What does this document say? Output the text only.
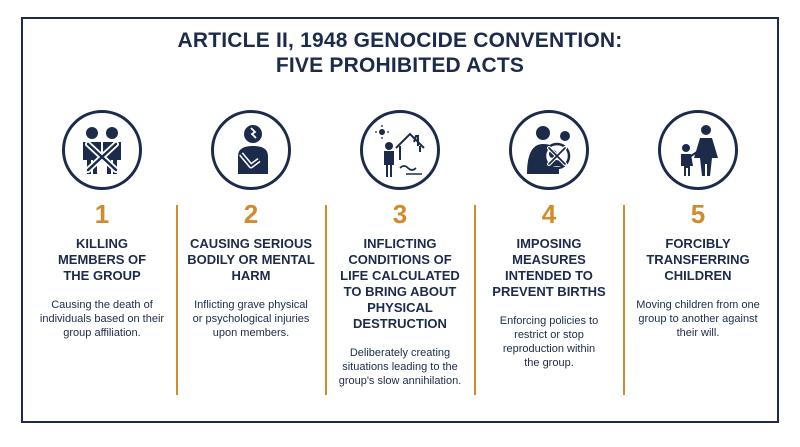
ARTICLE II, 1948 GENOCIDE CONVENTION:
FIVE PROHIBITED ACTS
1
KILLING MEMBERS OF THE GROUP
Causing the death of individuals based on their group affiliation.
2
CAUSING SERIOUS BODILY OR MENTAL HARM
Inflicting grave physical or psychological injuries upon members.
3
INFLICTING CONDITIONS OF LIFE CALCULATED TO BRING ABOUT PHYSICAL DESTRUCTION
Deliberately creating situations leading to the group's slow annihilation.
4
IMPOSING MEASURES INTENDED TO PREVENT BIRTHS
Enforcing policies to restrict or stop reproduction within the group.
5
FORCIBLY TRANSFERRING CHILDREN
Moving children from one group to another against their will.
